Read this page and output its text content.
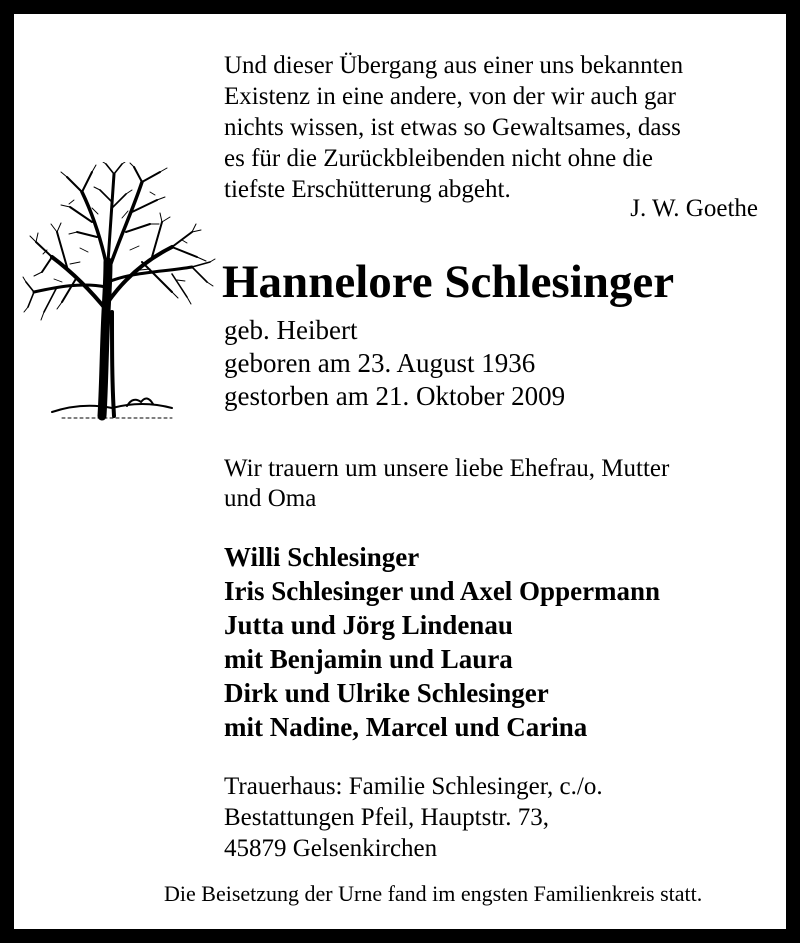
Und dieser Übergang aus einer uns bekannten

Existenz in eine andere, von der wir auch gar

nichts wissen, ist etwas so Gewaltsames, dass

es für die Zurückbleibenden nicht ohne die

tiefste Erschütterung abgeht.

J. W. Goethe
Hannelore Schlesinger
geb. Heibert
geboren am 23. August 1936
gestorben am 21. Oktober 2009
Wir trauern um unsere liebe Ehefrau, Mutter
und Oma
Willi Schlesinger
Iris Schlesinger und Axel Oppermann
Jutta und Jörg Lindenau
mit Benjamin und Laura
Dirk und Ulrike Schlesinger
mit Nadine, Marcel und Carina
Trauerhaus: Familie Schlesinger, c./o.
Bestattungen Pfeil, Hauptstr. 73,
45879 Gelsenkirchen
Die Beisetzung der Urne fand im engsten Familienkreis statt.
